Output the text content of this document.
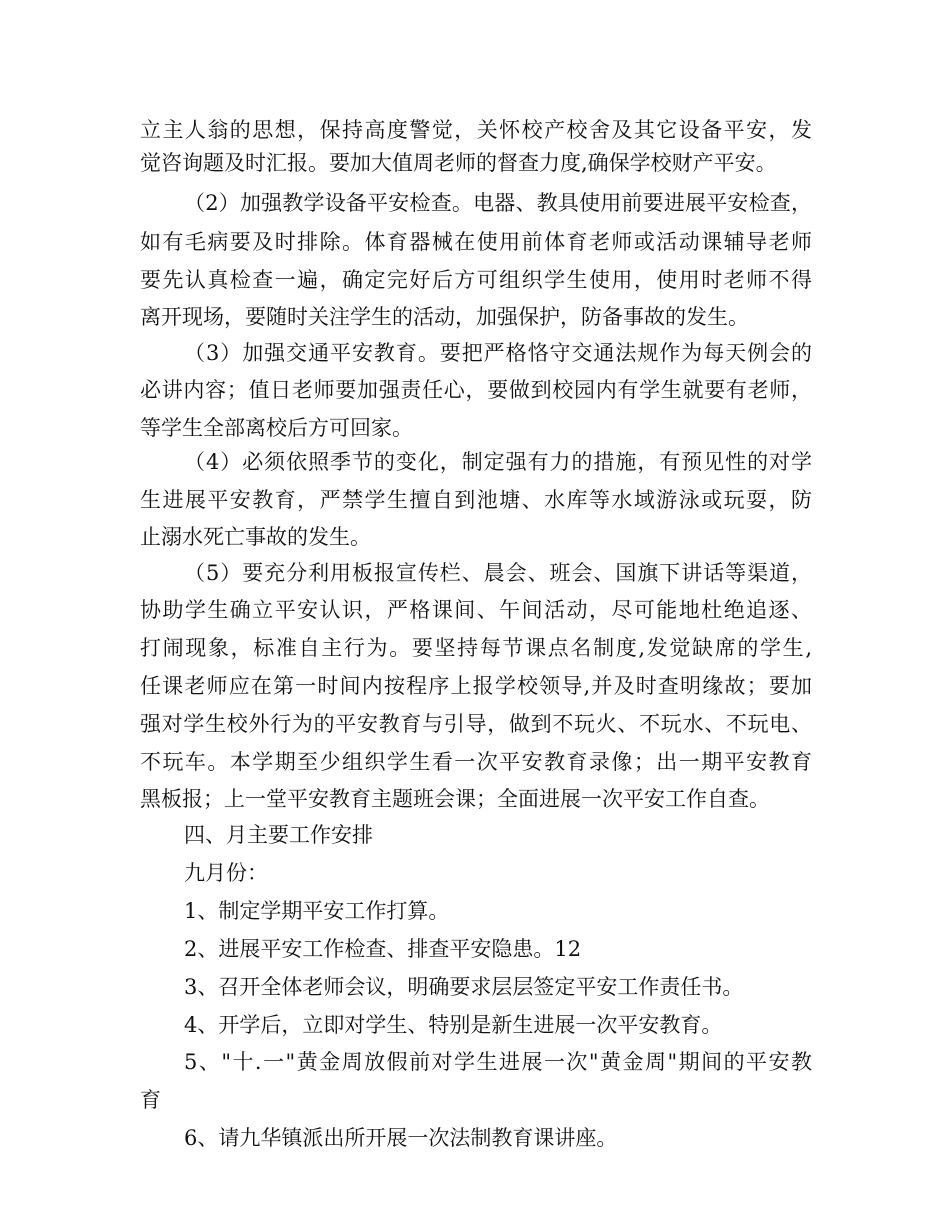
立主人翁的思想，保持高度警觉，关怀校产校舍及其它设备平安，发
觉咨询题及时汇报。要加大值周老师的督查力度,确保学校财产平安。
（2）加强教学设备平安检查。电器、教具使用前要进展平安检查，
如有毛病要及时排除。体育器械在使用前体育老师或活动课辅导老师
要先认真检查一遍，确定完好后方可组织学生使用，使用时老师不得
离开现场，要随时关注学生的活动，加强保护，防备事故的发生。
（3）加强交通平安教育。要把严格恪守交通法规作为每天例会的
必讲内容；值日老师要加强责任心，要做到校园内有学生就要有老师，
等学生全部离校后方可回家。
（4）必须依照季节的变化，制定强有力的措施，有预见性的对学
生进展平安教育，严禁学生擅自到池塘、水库等水域游泳或玩耍，防
止溺水死亡事故的发生。
（5）要充分利用板报宣传栏、晨会、班会、国旗下讲话等渠道，
协助学生确立平安认识，严格课间、午间活动，尽可能地杜绝追逐、
打闹现象，标准自主行为。要坚持每节课点名制度,发觉缺席的学生,
任课老师应在第一时间内按程序上报学校领导,并及时查明缘故；要加
强对学生校外行为的平安教育与引导，做到不玩火、不玩水、不玩电、
不玩车。本学期至少组织学生看一次平安教育录像；出一期平安教育
黑板报；上一堂平安教育主题班会课；全面进展一次平安工作自查。
四、月主要工作安排
九月份：
1、制定学期平安工作打算。
2、进展平安工作检查、排查平安隐患。12
3、召开全体老师会议，明确要求层层签定平安工作责任书。
4、开学后，立即对学生、特别是新生进展一次平安教育。
5、"十.一"黄金周放假前对学生进展一次"黄金周"期间的平安教
育
6、请九华镇派出所开展一次法制教育课讲座。
